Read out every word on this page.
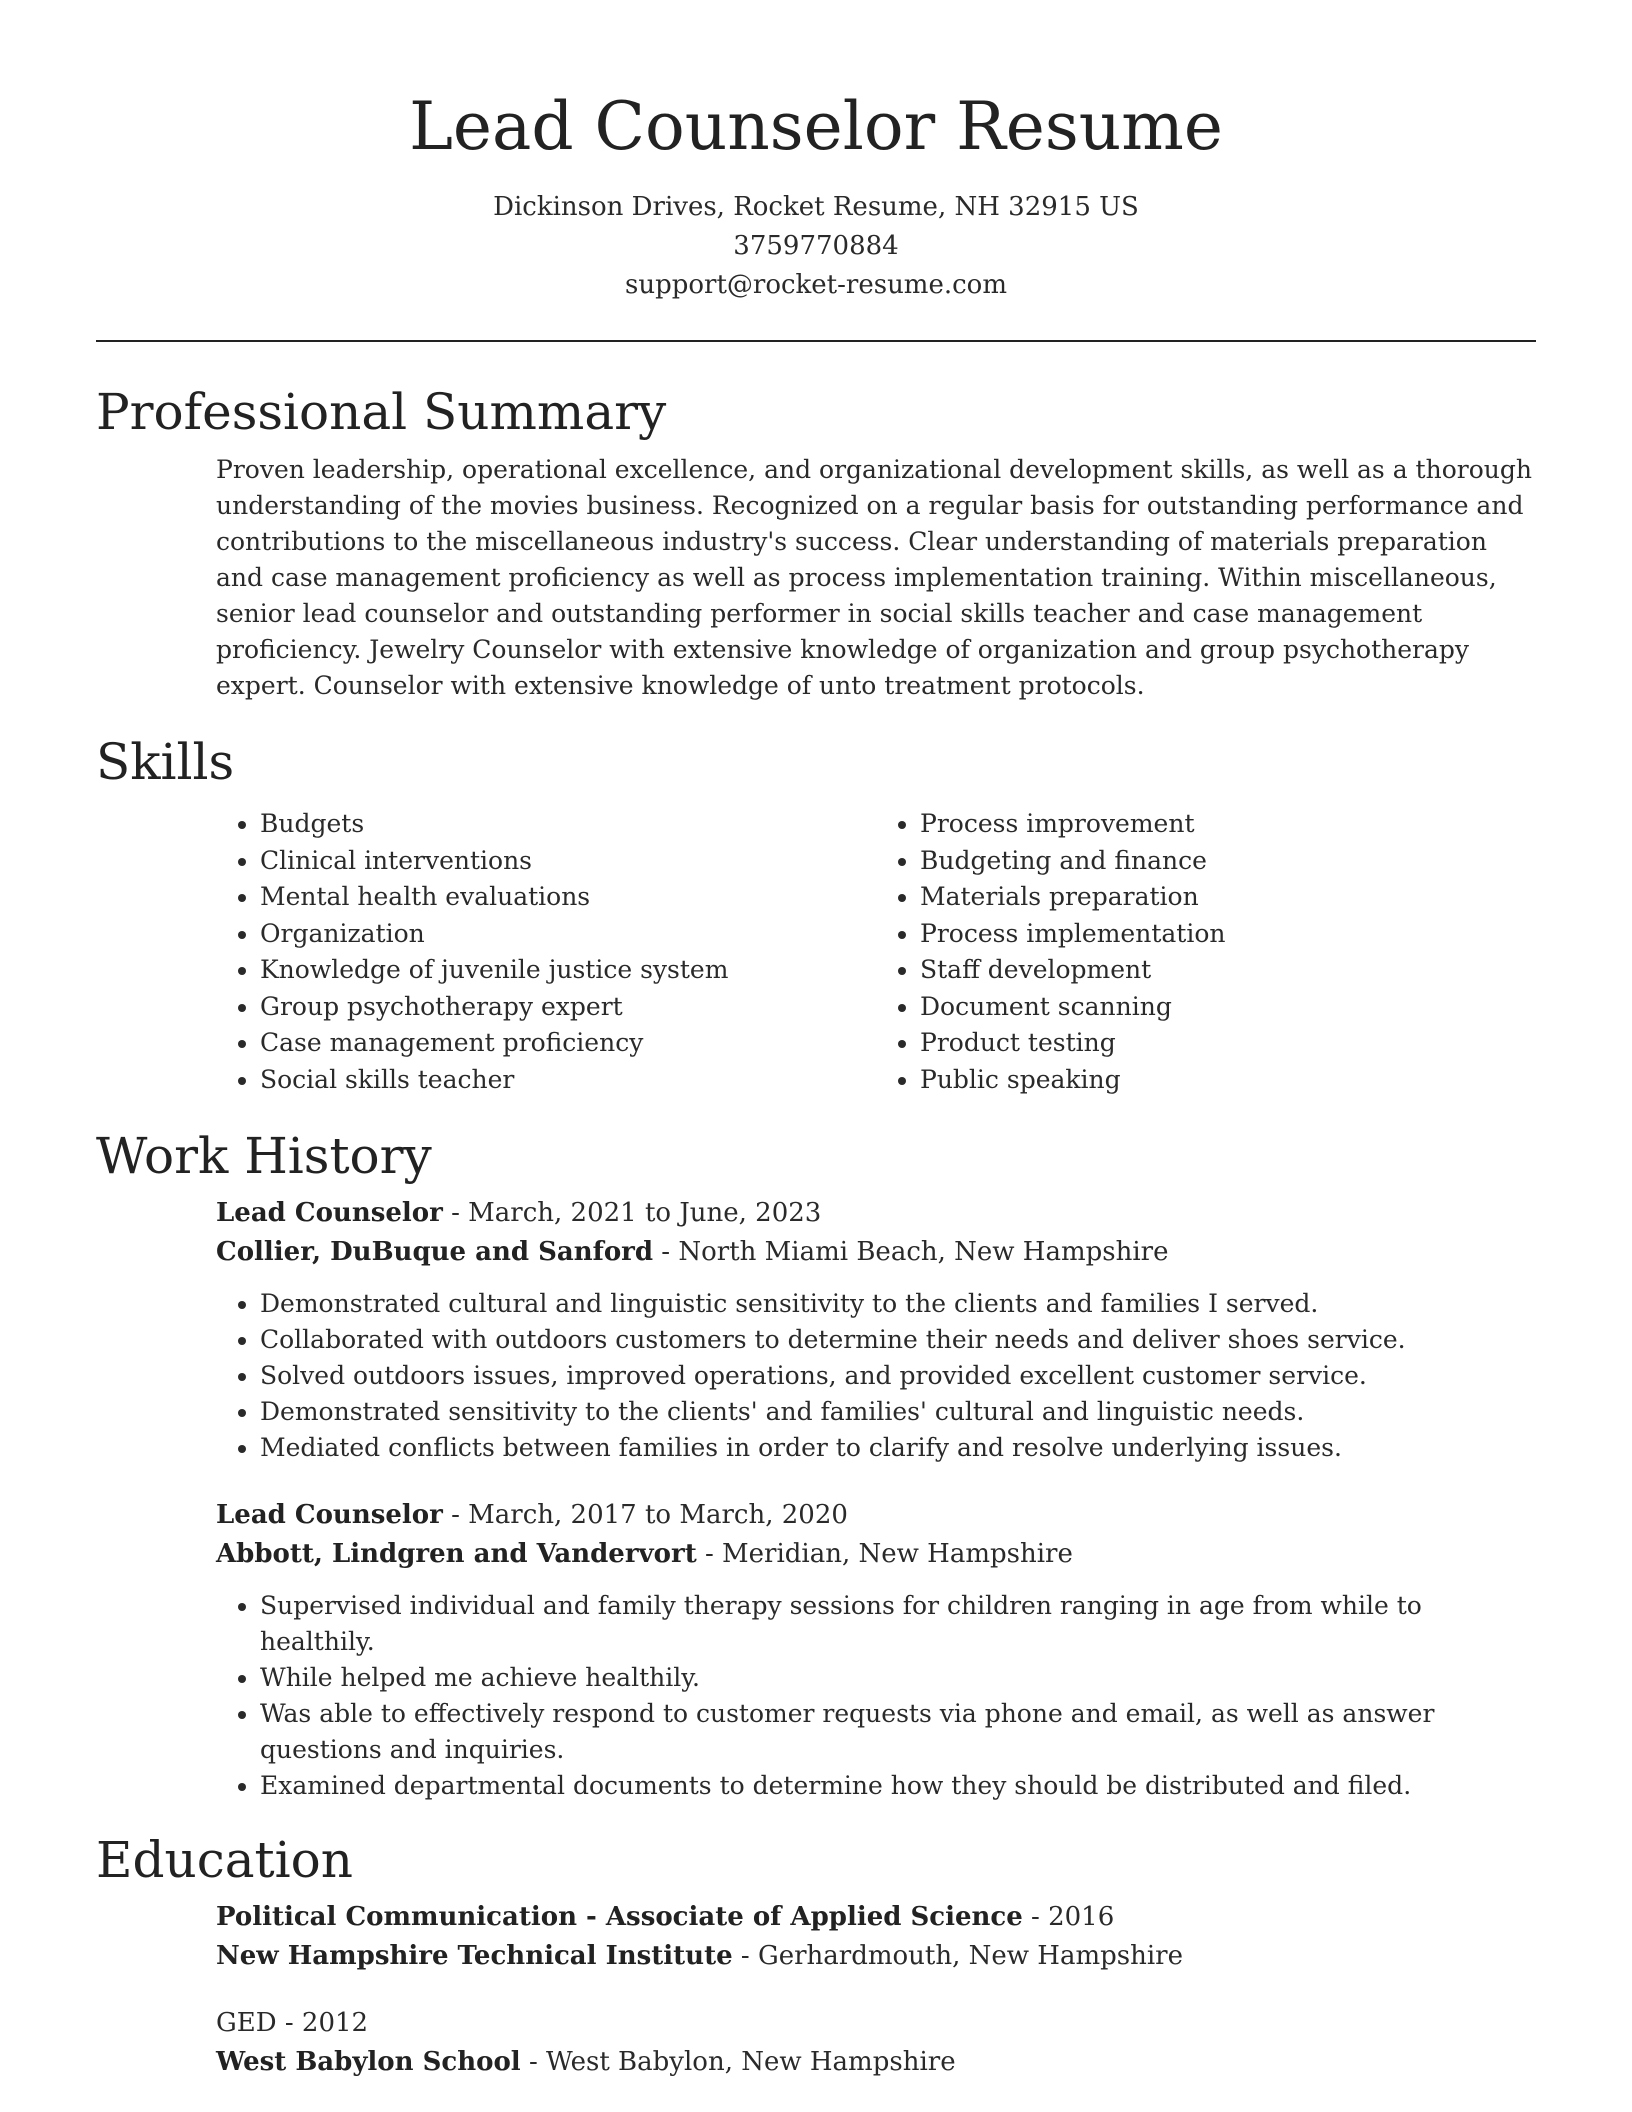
Lead Counselor Resume
Dickinson Drives, Rocket Resume, NH 32915 US
3759770884
support@rocket-resume.com
Professional Summary
Proven leadership, operational excellence, and organizational development skills, as well as a thorough understanding of the movies business. Recognized on a regular basis for outstanding performance and contributions to the miscellaneous industry's success. Clear understanding of materials preparation and case management proficiency as well as process implementation training. Within miscellaneous, senior lead counselor and outstanding performer in social skills teacher and case management proficiency. Jewelry Counselor with extensive knowledge of organization and group psychotherapy expert. Counselor with extensive knowledge of unto treatment protocols.
Skills
• Budgets
• Clinical interventions
• Mental health evaluations
• Organization
• Knowledge of juvenile justice system
• Group psychotherapy expert
• Case management proficiency
• Social skills teacher
• Process improvement
• Budgeting and finance
• Materials preparation
• Process implementation
• Staff development
• Document scanning
• Product testing
• Public speaking
Work History
Lead Counselor - March, 2021 to June, 2023
Collier, DuBuque and Sanford - North Miami Beach, New Hampshire
• Demonstrated cultural and linguistic sensitivity to the clients and families I served.
• Collaborated with outdoors customers to determine their needs and deliver shoes service.
• Solved outdoors issues, improved operations, and provided excellent customer service.
• Demonstrated sensitivity to the clients' and families' cultural and linguistic needs.
• Mediated conflicts between families in order to clarify and resolve underlying issues.
Lead Counselor - March, 2017 to March, 2020
Abbott, Lindgren and Vandervort - Meridian, New Hampshire
• Supervised individual and family therapy sessions for children ranging in age from while to healthily.
• While helped me achieve healthily.
• Was able to effectively respond to customer requests via phone and email, as well as answer questions and inquiries.
• Examined departmental documents to determine how they should be distributed and filed.
Education
Political Communication - Associate of Applied Science - 2016
New Hampshire Technical Institute - Gerhardmouth, New Hampshire
GED - 2012
West Babylon School - West Babylon, New Hampshire
